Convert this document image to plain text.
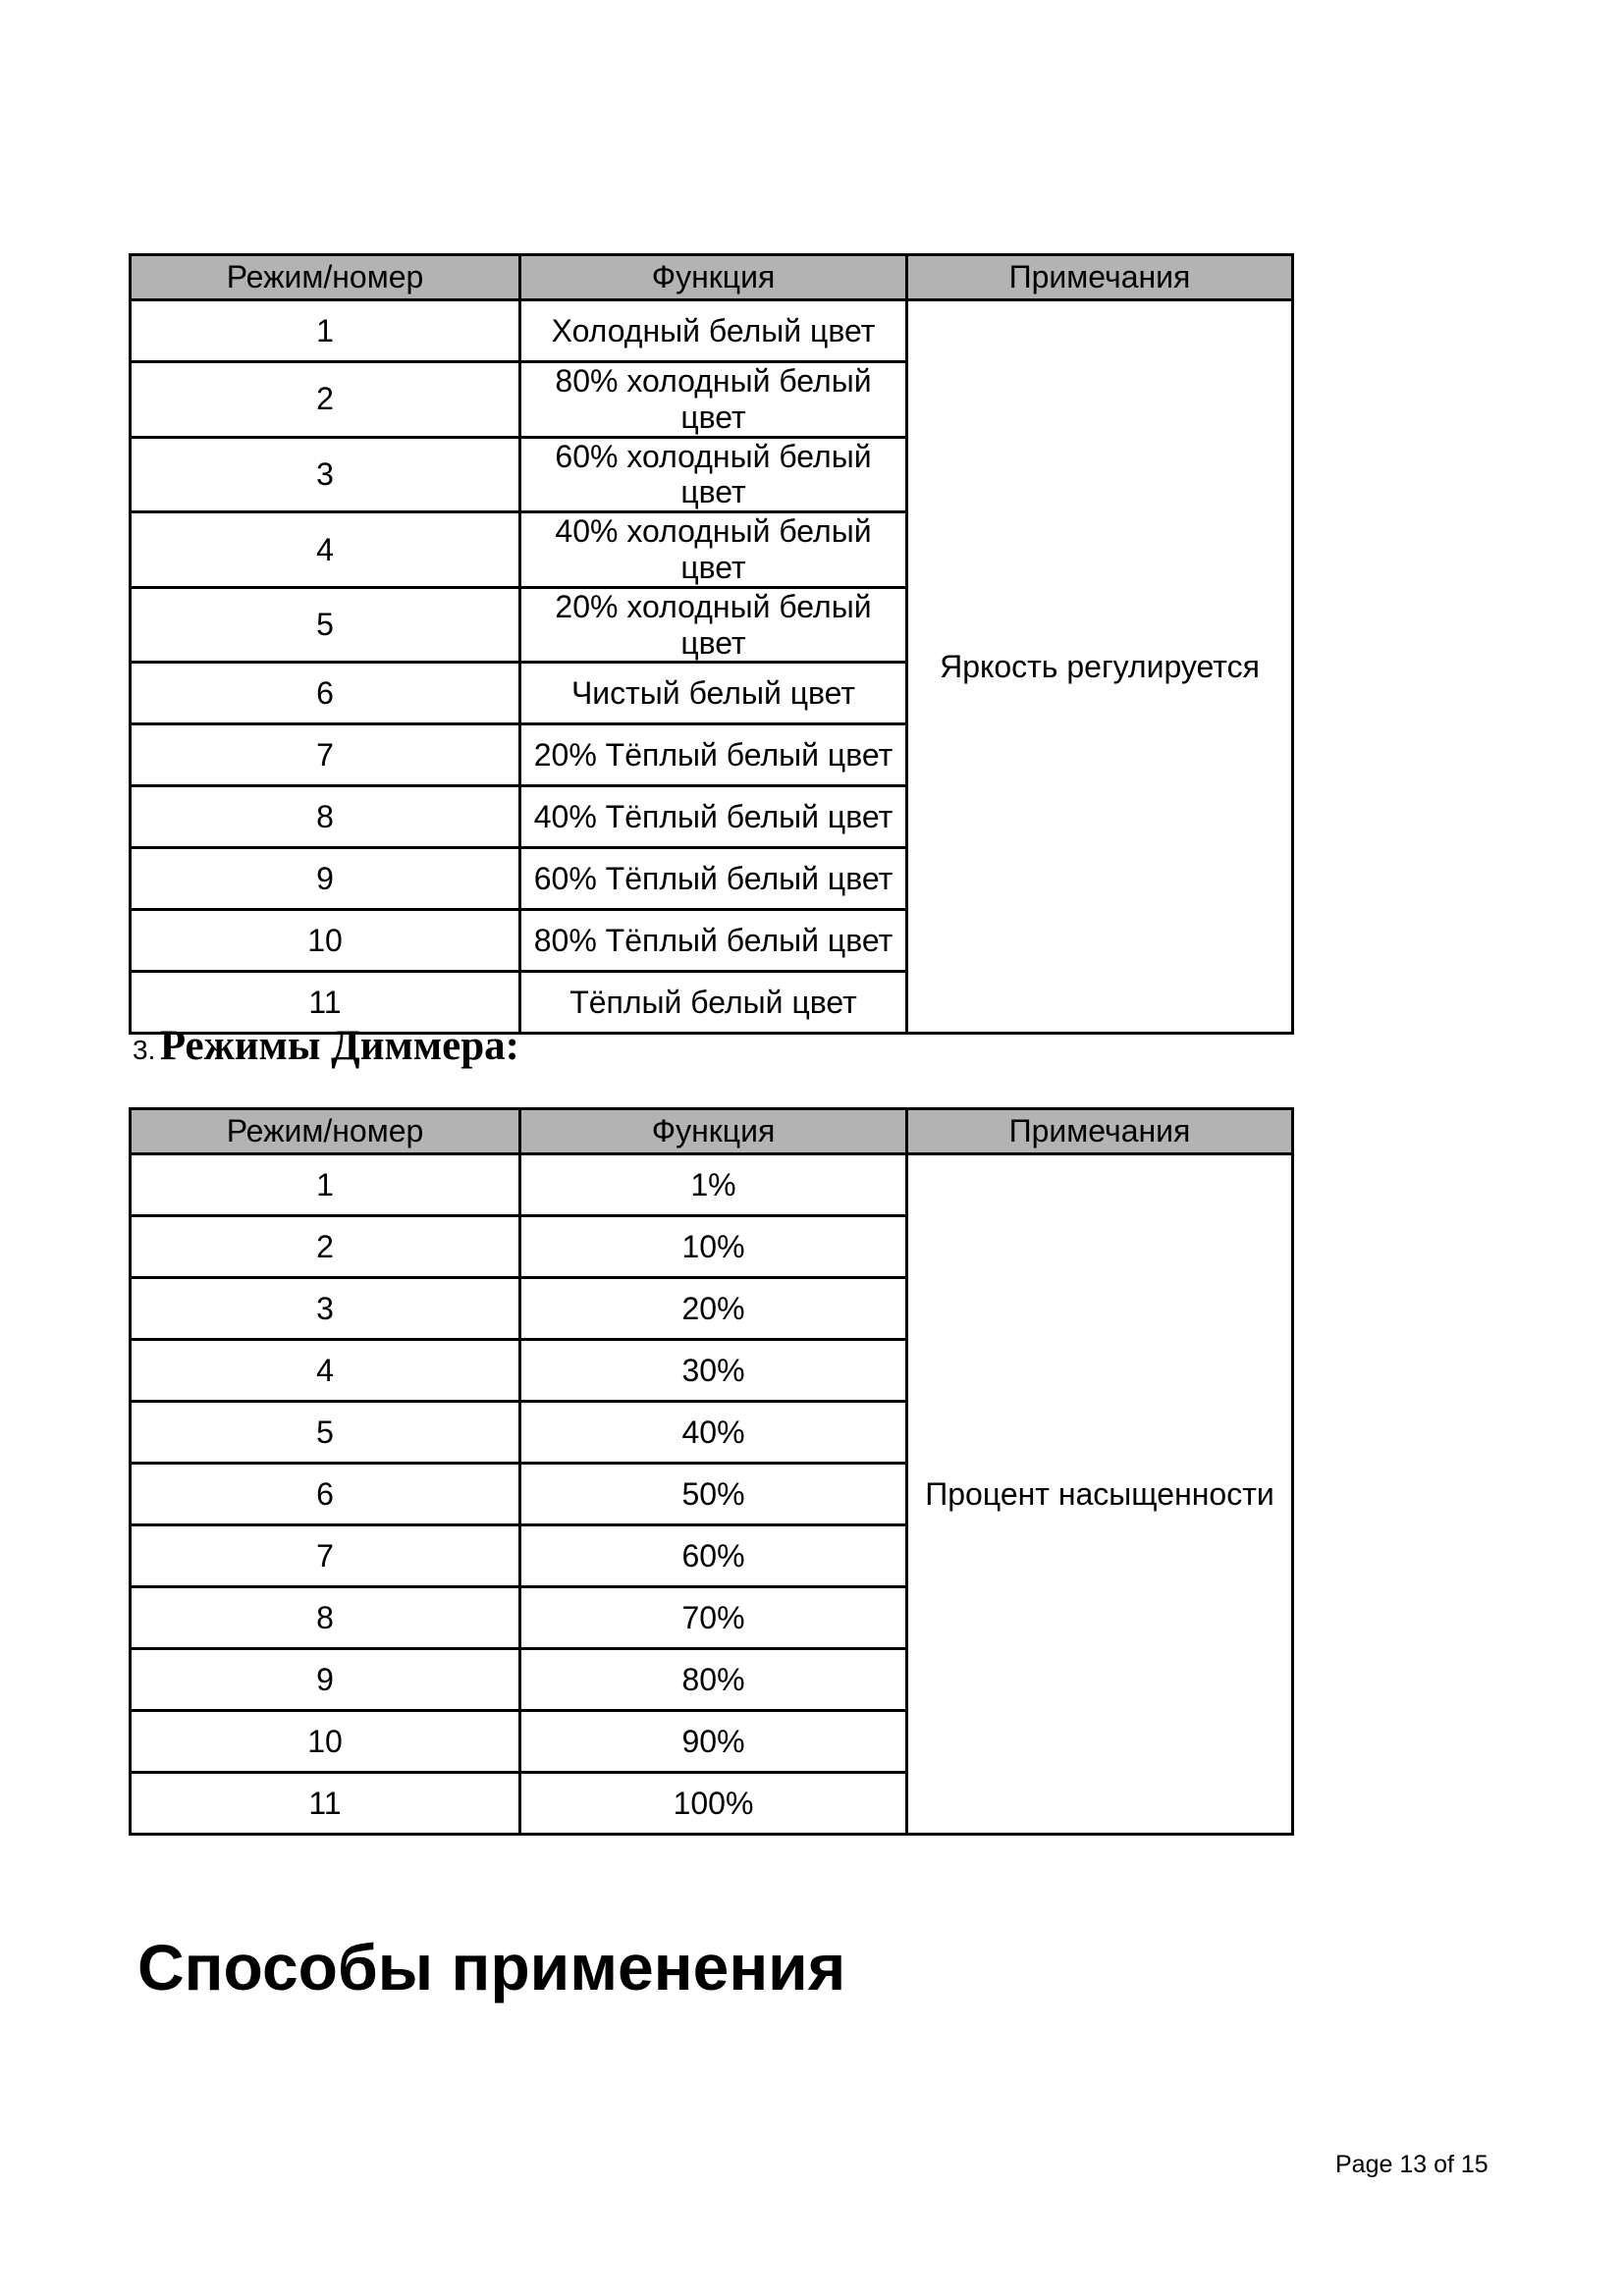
Режим/номер	Функция	Примечания
1	Холодный белый цвет	Яркость регулируется
2	80% холодный белый цвет	
3	60% холодный белый цвет	
4	40% холодный белый цвет	
5	20% холодный белый цвет	
6	Чистый белый цвет	
7	20% Тёплый белый цвет	
8	40% Тёплый белый цвет	
9	60% Тёплый белый цвет	
10	80% Тёплый белый цвет	
11	Тёплый белый цвет	
3. Режимы Диммера:
Режим/номер	Функция	Примечания
1	1%	Процент насыщенности
2	10%	
3	20%	
4	30%	
5	40%	
6	50%	
7	60%	
8	70%	
9	80%	
10	90%	
11	100%	
Способы применения
Page 13 of 15
